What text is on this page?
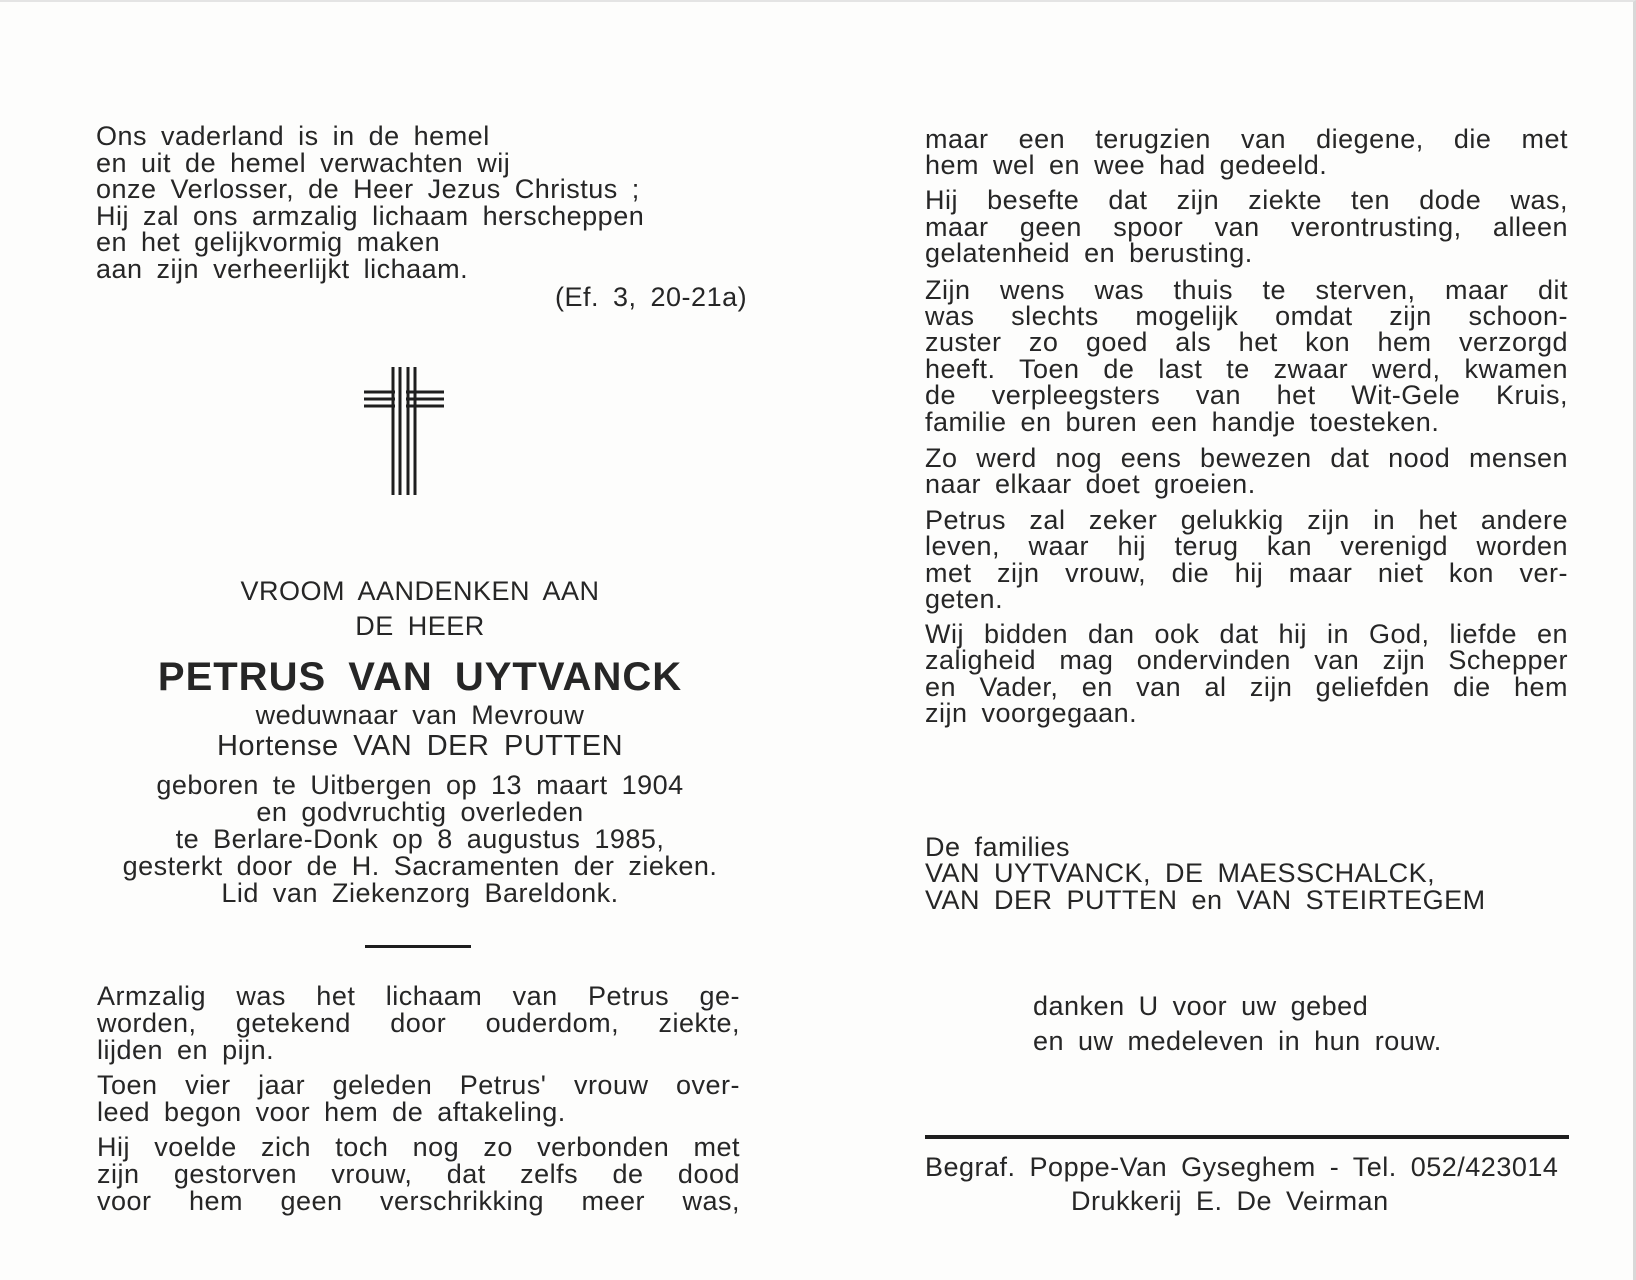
Ons vaderland is in de hemel
en uit de hemel verwachten wij
onze Verlosser, de Heer Jezus Christus ;
Hij zal ons armzalig lichaam herscheppen
en het gelijkvormig maken
aan zijn verheerlijkt lichaam.
(Ef. 3, 20-21a)
VROOM AANDENKEN AAN
DE HEER
PETRUS VAN UYTVANCK
weduwnaar van Mevrouw
Hortense VAN DER PUTTEN
geboren te Uitbergen op 13 maart 1904
en godvruchtig overleden
te Berlare-Donk op 8 augustus 1985,
gesterkt door de H. Sacramenten der zieken.
Lid van Ziekenzorg Bareldonk.
Armzalig was het lichaam van Petrus ge-
worden, getekend door ouderdom, ziekte,
lijden en pijn.
Toen vier jaar geleden Petrus' vrouw over-
leed begon voor hem de aftakeling.
Hij voelde zich toch nog zo verbonden met
zijn gestorven vrouw, dat zelfs de dood
voor hem geen verschrikking meer was,
maar een terugzien van diegene, die met
hem wel en wee had gedeeld.
Hij besefte dat zijn ziekte ten dode was,
maar geen spoor van verontrusting, alleen
gelatenheid en berusting.
Zijn wens was thuis te sterven, maar dit
was slechts mogelijk omdat zijn schoon-
zuster zo goed als het kon hem verzorgd
heeft. Toen de last te zwaar werd, kwamen
de verpleegsters van het Wit-Gele Kruis,
familie en buren een handje toesteken.
Zo werd nog eens bewezen dat nood mensen
naar elkaar doet groeien.
Petrus zal zeker gelukkig zijn in het andere
leven, waar hij terug kan verenigd worden
met zijn vrouw, die hij maar niet kon ver-
geten.
Wij bidden dan ook dat hij in God, liefde en
zaligheid mag ondervinden van zijn Schepper
en Vader, en van al zijn geliefden die hem
zijn voorgegaan.
De families
VAN UYTVANCK, DE MAESSCHALCK,
VAN DER PUTTEN en VAN STEIRTEGEM
danken U voor uw gebed
en uw medeleven in hun rouw.
Begraf. Poppe-Van Gyseghem - Tel. 052/423014
Drukkerij E. De Veirman
